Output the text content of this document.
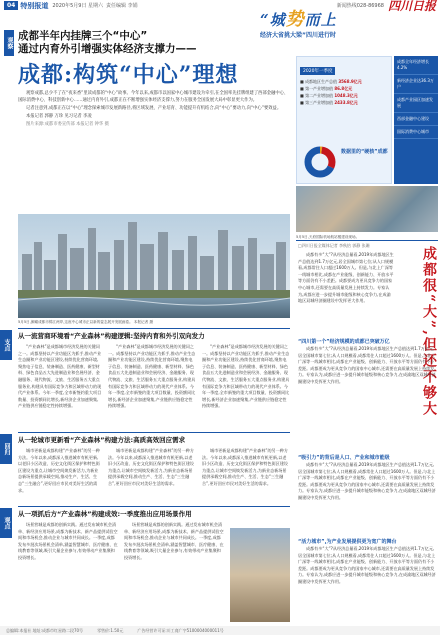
04 特别报道 2020年5月9日 星期六 责任编辑 李娟	新闻热线028-86968 四川日报
“城势而上
经济大省挑大梁”四川进行时
观察
成都半年内挂牌三个“中心”
通过内育外引增强实体经济支撑力——
成都:构筑“中心”理想

观察成都,总少不了在“夜来香”里读成都的“中心”故事。今年以来,成都市以国家中心城市建设为牵引,在全国率先挂牌组建了西部金融中心、国际消费中心、科技创新中心……通过内育外引,成都正在不断增强实体经济支撑力,努力在服务全国发展大局中彰显更大作为。

记者注意到,成都正在以“中心”理念探索城市发展新路径,将区域发展、产业培育、功能提升有机结合,向“中心”要动力,向“中心”要效益。

本报记者 郭静 万珍 见习记者 李凌

图片来源:成都市委宣传部 本报记者 钟华 摄

2020年一季度
■ 成都地区生产总值 3568.9亿元
■ 第一产业增加值 86.8亿元
■ 第二产业增加值 1048.3亿元
■ 第三产业增加值 2433.8亿元
数据里的“硬核”成都
成都全年经济增长4.2%
新经济企业达36.3万户
成都产业园区加速发展
西部金融中心建设
国际消费中心城市
5月5日,天府国际机场航站楼建设现场。
5月5日,俯瞰成都市锦江两岸,这座中心城市正以新的姿态展开发展画卷。 本报记者 摄
支点
回归
观点
从一流营商环境看“产业森林”构建逻辑:坚持内育和外引双向发力
“产业森林”是成都城市经济发展的关键词之一。成都坚持以产业功能区为抓手,推动产业生态圈和产业功能区建设,持续优化营商环境,聚焦电子信息、装备制造、医药健康、新型材料、绿色食品五大先进制造业和会展经济、金融服务、现代物流、文旅、生活服务五大重点服务业,构建具有国际竞争力和区域带动力的现代产业体系。今年一季度,全市新签约重大项目数量、投资额同比增长,新经济企业加速聚集,产业链供应链稳定性持续增强。
“产业森林”是成都城市经济发展的关键词之一。成都坚持以产业功能区为抓手,推动产业生态圈和产业功能区建设,持续优化营商环境,聚焦电子信息、装备制造、医药健康、新型材料、绿色食品五大先进制造业和会展经济、金融服务、现代物流、文旅、生活服务五大重点服务业,构建具有国际竞争力和区域带动力的现代产业体系。今年一季度,全市新签约重大项目数量、投资额同比增长,新经济企业加速聚集,产业链供应链稳定性持续增强。
“产业森林”是成都城市经济发展的关键词之一。成都坚持以产业功能区为抓手,推动产业生态圈和产业功能区建设,持续优化营商环境,聚焦电子信息、装备制造、医药健康、新型材料、绿色食品五大先进制造业和会展经济、金融服务、现代物流、文旅、生活服务五大重点服务业,构建具有国际竞争力和区域带动力的现代产业体系。今年一季度,全市新签约重大项目数量、投资额同比增长,新经济企业加速聚集,产业链供应链稳定性持续增强。
从一轮城市更新看“产业森林”构建方法:高质高效回应需求
城市更新是成都构建“产业森林”的另一种方法。今年以来,成都深入推进城市有机更新,以老旧小区改造、历史文化街区保护和特色街区建设为重点,让城市空间焕发新活力,为新业态新场景提供承载空间,推动生产、生活、生态“三生融合”,更好回应市民对美好生活的需求。
城市更新是成都构建“产业森林”的另一种方法。今年以来,成都深入推进城市有机更新,以老旧小区改造、历史文化街区保护和特色街区建设为重点,让城市空间焕发新活力,为新业态新场景提供承载空间,推动生产、生活、生态“三生融合”,更好回应市民对美好生活的需求。
城市更新是成都构建“产业森林”的另一种方法。今年以来,成都深入推进城市有机更新,以老旧小区改造、历史文化街区保护和特色街区建设为重点,让城市空间焕发新活力,为新业态新场景提供承载空间,推动生产、生活、生态“三生融合”,更好回应市民对美好生活的需求。
从一项抓后方“产业森林”构建成效:一季度推出应用场景作用
场景营城是成都的创新实践。通过发布城市机会清单、新经济应用场景,成都为新技术、新产品提供试验空间和市场机会,推动企业与城市共同成长。一季度,成都发布多批次场景机会清单,涵盖智慧城市、医疗健康、在线教育等领域,吸引大量企业参与,有效带动产业集聚和投资增长。
场景营城是成都的创新实践。通过发布城市机会清单、新经济应用场景,成都为新技术、新产品提供试验空间和市场机会,推动企业与城市共同成长。一季度,成都发布多批次场景机会清单,涵盖智慧城市、医疗健康、在线教育等领域,吸引大量企业参与,有效带动产业集聚和投资增长。
□四川日报全媒体记者 李秋怡 郭静 张珊
成都很“大”,但还不够大
成都有多“大”?从经济总量看,2019年成都地区生产总值达到1.7万亿元,居全国城市第七位;从人口规模看,成都常住人口超过1600万人。但是,与北上广深等一线城市相比,成都在产业能级、创新能力、开放水平等方面仍有不小差距。成都要成为更具竞争力的国家中心城市,还需要在高质量发展上持续发力。专家认为,成都应进一步提升城市能级和核心竞争力,在成渝地区双城经济圈建设中发挥更大作用。
“四川第一个”经济规模的成都已突破万亿
成都有多“大”?从经济总量看,2019年成都地区生产总值达到1.7万亿元,居全国城市第七位;从人口规模看,成都常住人口超过1600万人。但是,与北上广深等一线城市相比,成都在产业能级、创新能力、开放水平等方面仍有不小差距。成都要成为更具竞争力的国家中心城市,还需要在高质量发展上持续发力。专家认为,成都应进一步提升城市能级和核心竞争力,在成渝地区双城经济圈建设中发挥更大作用。
“吸引力”的背后是人口、产业和城市能级
成都有多“大”?从经济总量看,2019年成都地区生产总值达到1.7万亿元,居全国城市第七位;从人口规模看,成都常住人口超过1600万人。但是,与北上广深等一线城市相比,成都在产业能级、创新能力、开放水平等方面仍有不小差距。成都要成为更具竞争力的国家中心城市,还需要在高质量发展上持续发力。专家认为,成都应进一步提升城市能级和核心竞争力,在成渝地区双城经济圈建设中发挥更大作用。
“活力城市”,为产业发展提供更为宽广的舞台
成都有多“大”?从经济总量看,2019年成都地区生产总值达到1.7万亿元,居全国城市第七位;从人口规模看,成都常住人口超过1600万人。但是,与北上广深等一线城市相比,成都在产业能级、创新能力、开放水平等方面仍有不小差距。成都要成为更具竞争力的国家中心城市,还需要在高质量发展上持续发力。专家认为,成都应进一步提升城市能级和核心竞争力,在成渝地区双城经济圈建设中发挥更大作用。
总编辑:本报社 地址:成都市红星路二段70号	零售价:1.50元	广告经营许可证:川工商广字5100004000011号
